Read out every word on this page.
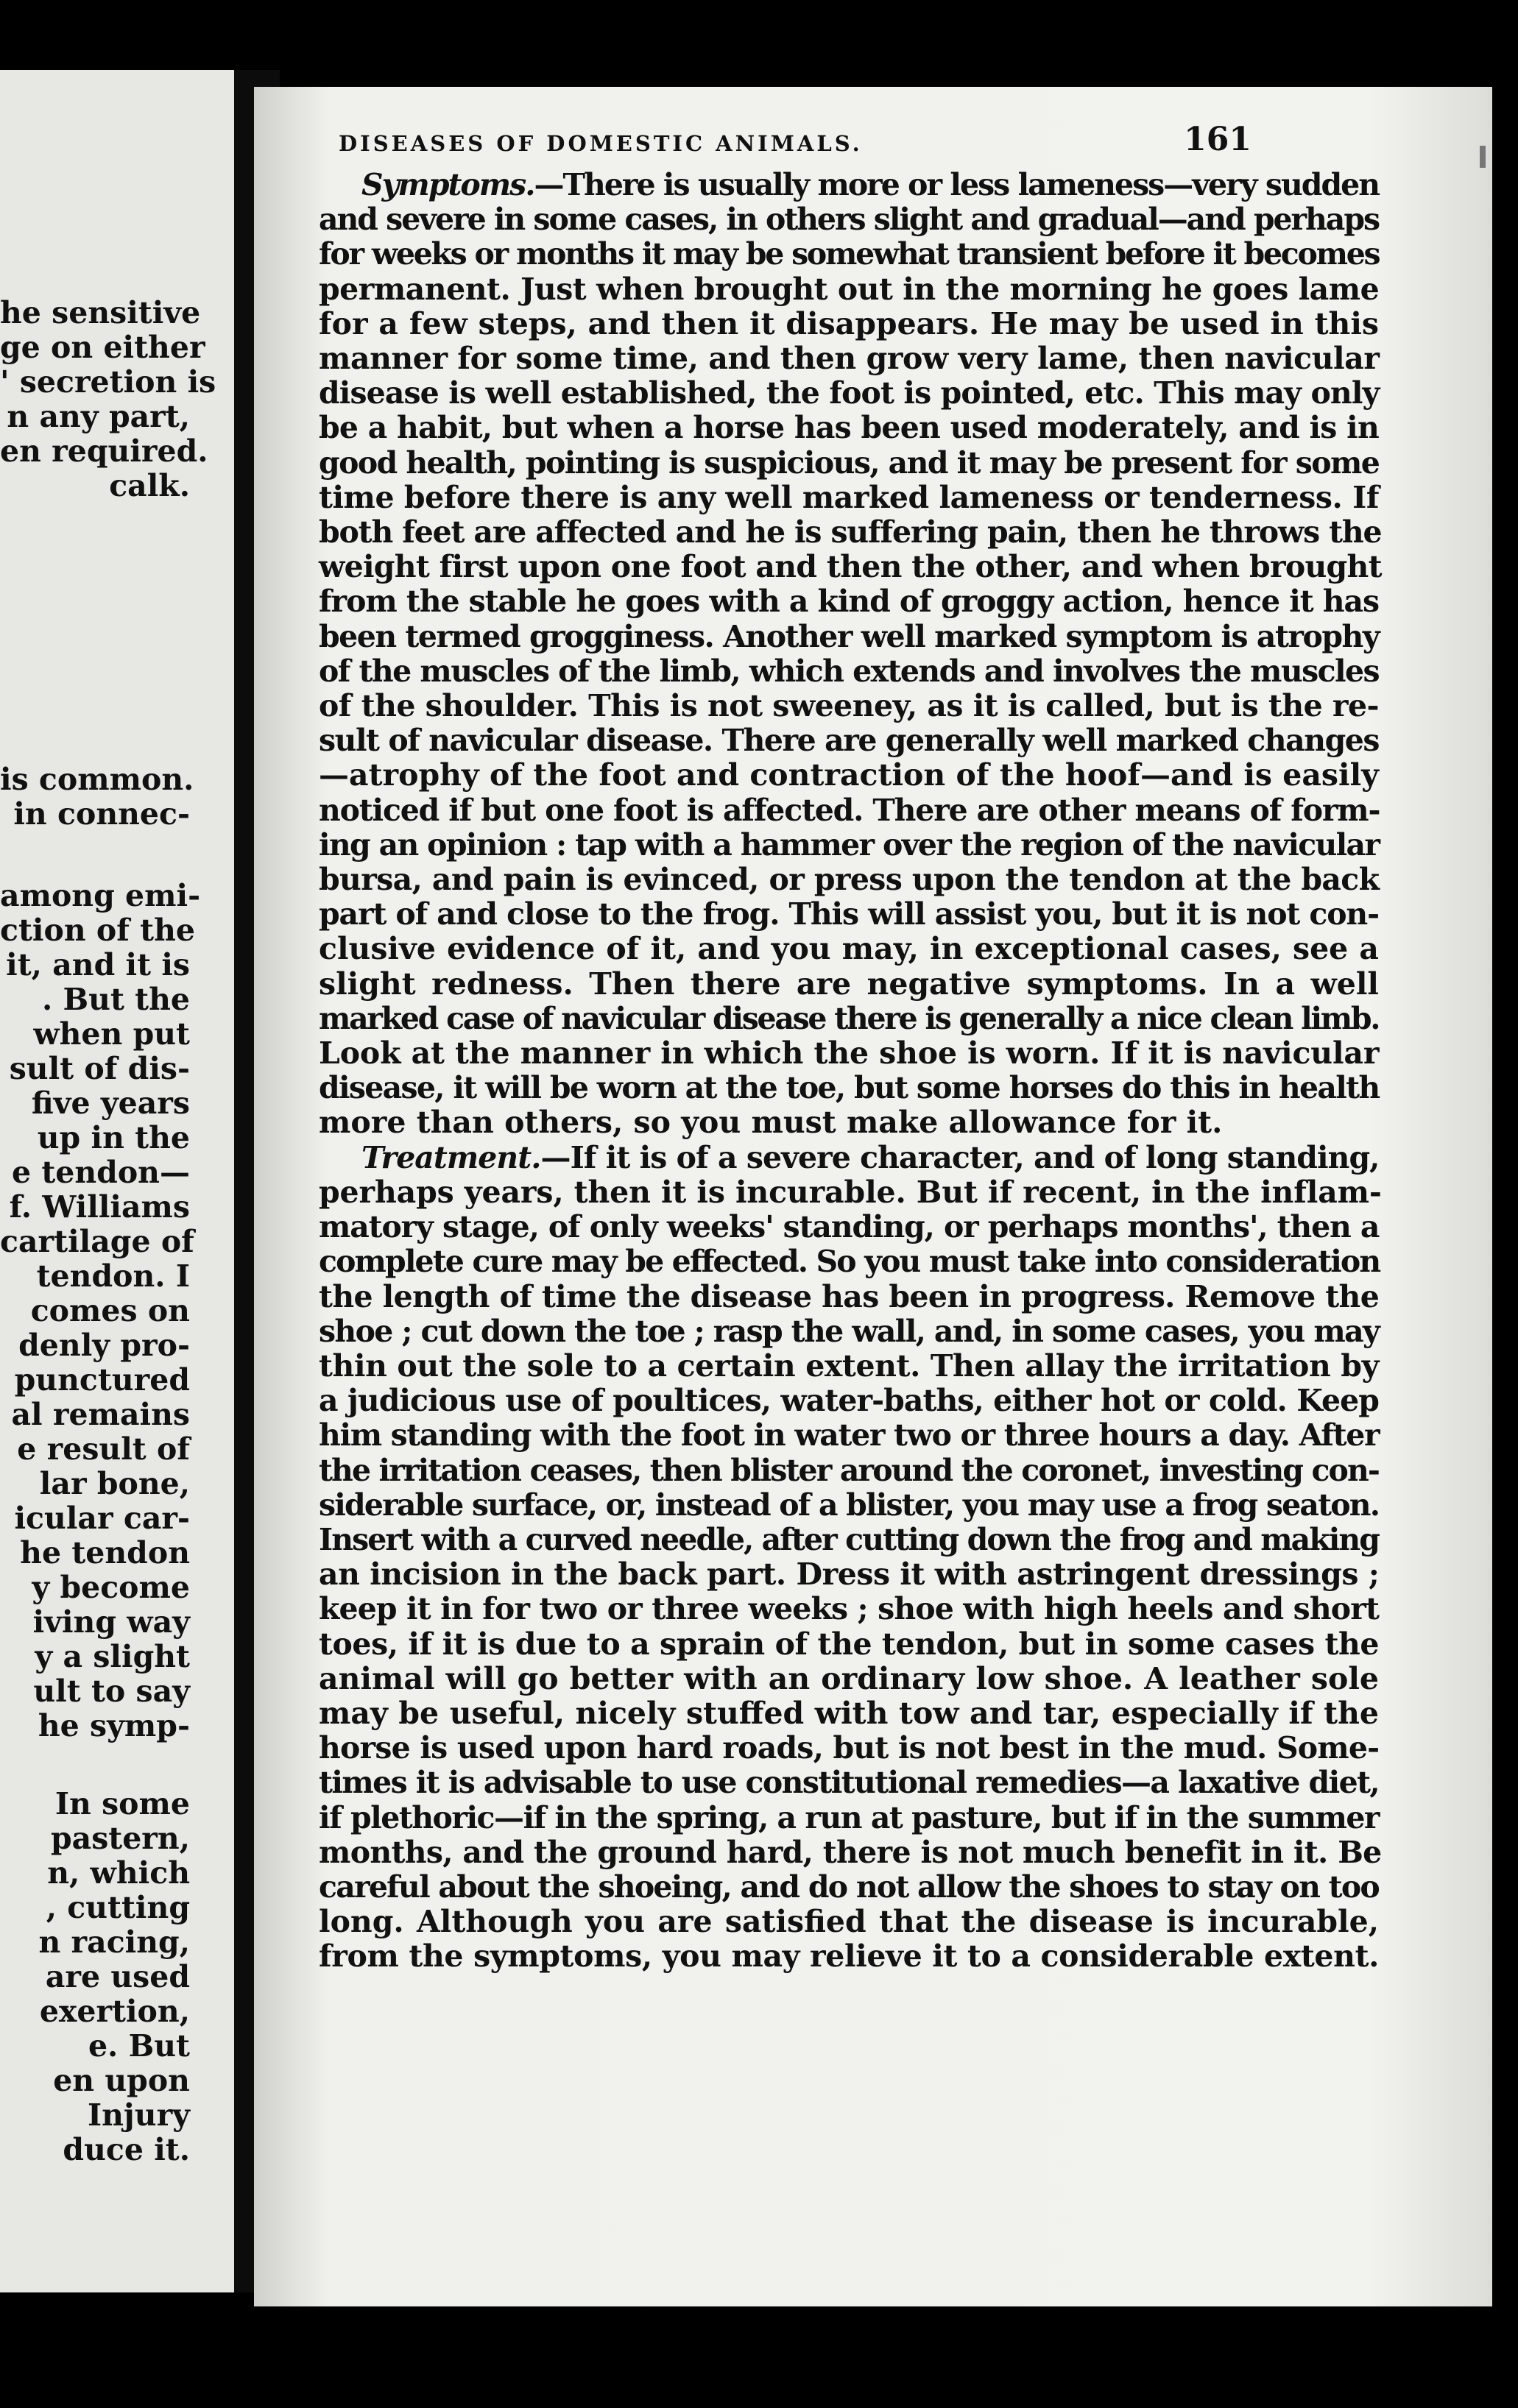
he sensitive
ge on either
' secretion is
n any part,
en required.
calk.
is common.
in connec-
among emi-
ction of the
it, and it is
. But the
when put
sult of dis-
five years
up in the
e tendon—
f. Williams
cartilage of
tendon. I
comes on
denly pro-
punctured
al remains
e result of
lar bone,
icular car-
he tendon
y become
iving way
y a slight
ult to say
he symp-
In some
pastern,
n, which
, cutting
n racing,
are used
exertion,
e. But
en upon
Injury
duce it.
DISEASES OF DOMESTIC ANIMALS.	161

Symptoms.—There is usually more or less lameness—very sudden
and severe in some cases, in others slight and gradual—and perhaps
for weeks or months it may be somewhat transient before it becomes
permanent. Just when brought out in the morning he goes lame
for a few steps, and then it disappears. He may be used in this
manner for some time, and then grow very lame, then navicular
disease is well established, the foot is pointed, etc. This may only
be a habit, but when a horse has been used moderately, and is in
good health, pointing is suspicious, and it may be present for some
time before there is any well marked lameness or tenderness. If
both feet are affected and he is suffering pain, then he throws the
weight first upon one foot and then the other, and when brought
from the stable he goes with a kind of groggy action, hence it has
been termed grogginess. Another well marked symptom is atrophy
of the muscles of the limb, which extends and involves the muscles
of the shoulder. This is not sweeney, as it is called, but is the re-
sult of navicular disease. There are generally well marked changes
—atrophy of the foot and contraction of the hoof—and is easily
noticed if but one foot is affected. There are other means of form-
ing an opinion : tap with a hammer over the region of the navicular
bursa, and pain is evinced, or press upon the tendon at the back
part of and close to the frog. This will assist you, but it is not con-
clusive evidence of it, and you may, in exceptional cases, see a
slight redness. Then there are negative symptoms. In a well
marked case of navicular disease there is generally a nice clean limb.
Look at the manner in which the shoe is worn. If it is navicular
disease, it will be worn at the toe, but some horses do this in health
more than others, so you must make allowance for it.

Treatment.—If it is of a severe character, and of long standing,
perhaps years, then it is incurable. But if recent, in the inflam-
matory stage, of only weeks' standing, or perhaps months', then a
complete cure may be effected. So you must take into consideration
the length of time the disease has been in progress. Remove the
shoe ; cut down the toe ; rasp the wall, and, in some cases, you may
thin out the sole to a certain extent. Then allay the irritation by
a judicious use of poultices, water-baths, either hot or cold. Keep
him standing with the foot in water two or three hours a day. After
the irritation ceases, then blister around the coronet, investing con-
siderable surface, or, instead of a blister, you may use a frog seaton.
Insert with a curved needle, after cutting down the frog and making
an incision in the back part. Dress it with astringent dressings ;
keep it in for two or three weeks ; shoe with high heels and short
toes, if it is due to a sprain of the tendon, but in some cases the
animal will go better with an ordinary low shoe. A leather sole
may be useful, nicely stuffed with tow and tar, especially if the
horse is used upon hard roads, but is not best in the mud. Some-
times it is advisable to use constitutional remedies—a laxative diet,
if plethoric—if in the spring, a run at pasture, but if in the summer
months, and the ground hard, there is not much benefit in it. Be
careful about the shoeing, and do not allow the shoes to stay on too
long. Although you are satisfied that the disease is incurable,
from the symptoms, you may relieve it to a considerable extent.
